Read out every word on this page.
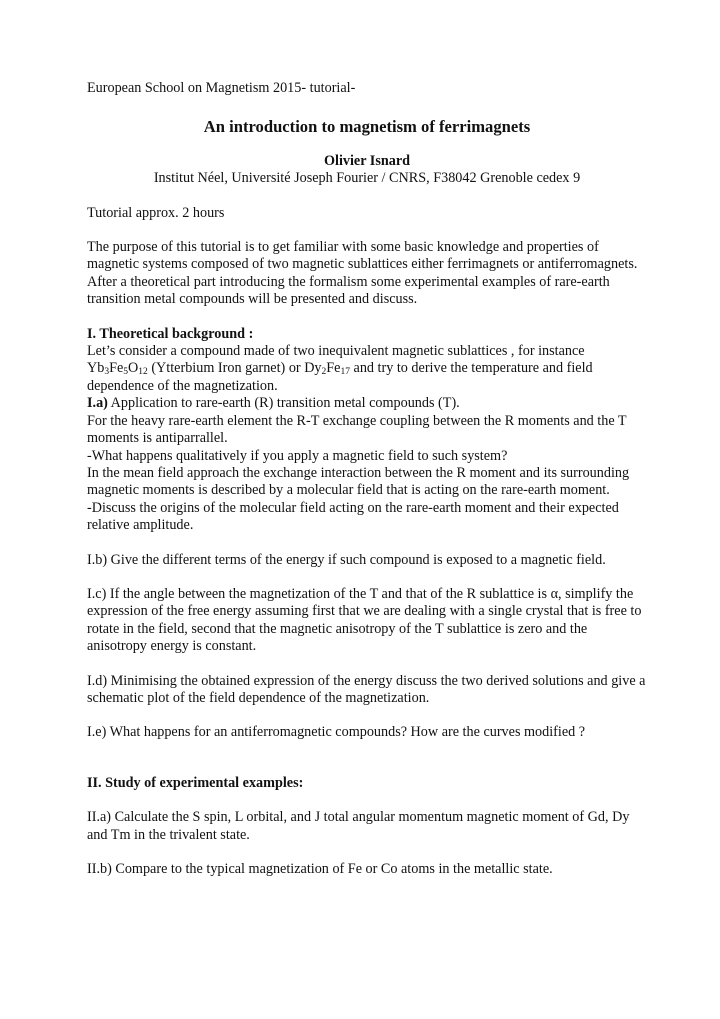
European School on Magnetism 2015- tutorial-

An introduction to magnetism of ferrimagnets

Olivier Isnard

Institut Néel, Université Joseph Fourier / CNRS, F38042 Grenoble cedex 9

Tutorial approx. 2 hours

The purpose of this tutorial is to get familiar with some basic knowledge and properties of magnetic systems composed of two magnetic sublattices either ferrimagnets or antiferromagnets. After a theoretical part introducing the formalism some experimental examples of rare-earth transition metal compounds will be presented and discuss.

I. Theoretical background :

Let’s consider a compound made of two inequivalent magnetic sublattices , for instance $Yb_3Fe_5O_{12}$ (Ytterbium Iron garnet) or $Dy_2Fe_{17}$ and try to derive the temperature and field dependence of the magnetization.

I.a) Application to rare-earth (R) transition metal compounds (T).

For the heavy rare-earth element the R-T exchange coupling between the R moments and the T moments is antiparrallel.

-What happens qualitatively if you apply a magnetic field to such system?

In the mean field approach the exchange interaction between the R moment and its surrounding magnetic moments is described by a molecular field that is acting on the rare-earth moment.

-Discuss the origins of the molecular field acting on the rare-earth moment and their expected relative amplitude.

I.b) Give the different terms of the energy if such compound is exposed to a magnetic field.

I.c) If the angle between the magnetization of the T and that of the R sublattice is α, simplify the expression of the free energy assuming first that we are dealing with a single crystal that is free to rotate in the field, second that the magnetic anisotropy of the T sublattice is zero and the anisotropy energy is constant.

I.d) Minimising the obtained expression of the energy discuss the two derived solutions and give a schematic plot of the field dependence of the magnetization.

I.e) What happens for an antiferromagnetic compounds? How are the curves modified ?

II. Study of experimental examples:

II.a) Calculate the S spin, L orbital, and J total angular momentum magnetic moment of Gd, Dy and Tm in the trivalent state.

II.b) Compare to the typical magnetization of Fe or Co atoms in the metallic state.
